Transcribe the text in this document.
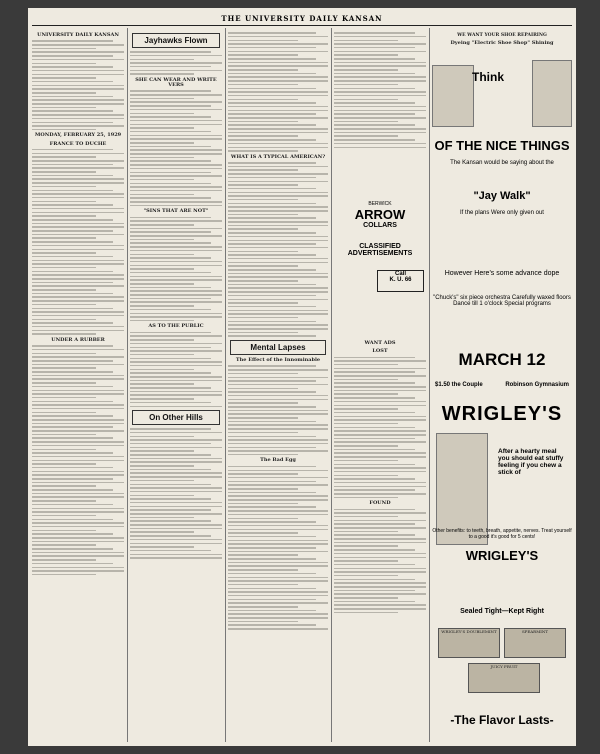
THE UNIVERSITY DAILY KANSAN
UNIVERSITY DAILY KANSAN
MONDAY, FEBRUARY 25, 1929
FRANCE TO DUCHE
UNDER A RUBBER
Jayhawks Flown
SHE CAN WEAR AND WRITE VERS
"SINS THAT ARE NOT"
AS TO THE PUBLIC
On Other Hills
WHAT IS A TYPICAL AMERICAN?
Mental Lapses
The Effect of the Innominable
The Bad Egg
BERWICK
ARROW
COLLARS
CLASSIFIED ADVERTISEMENTS
Call
K. U. 66
WANT ADS
LOST
FOUND
WE WANT YOUR SHOE REPAIRING
Dyeing "Electric Shoe Shop" Shining
Think
OF THE NICE THINGS
The Kansan would be saying about the
"Jay Walk"
If the plans Were only given out
However Here's some advance dope
"Chuck's" six piece orchestra Carefully waxed floors Dance till 1 o'clock Special programs
MARCH 12
$1.50 the Couple	Robinson Gymnasium
WRIGLEY'S
After a hearty meal you should eat stuffy feeling if you chew a stick of
Other benefits: to teeth, breath, appetite, nerves. Treat yourself to a good it's good for 5 cents!
WRIGLEY'S
Sealed Tight—Kept Right
WRIGLEY'S DOUBLEMINT	SPEARMINT
JUICY FRUIT
-The Flavor Lasts-
